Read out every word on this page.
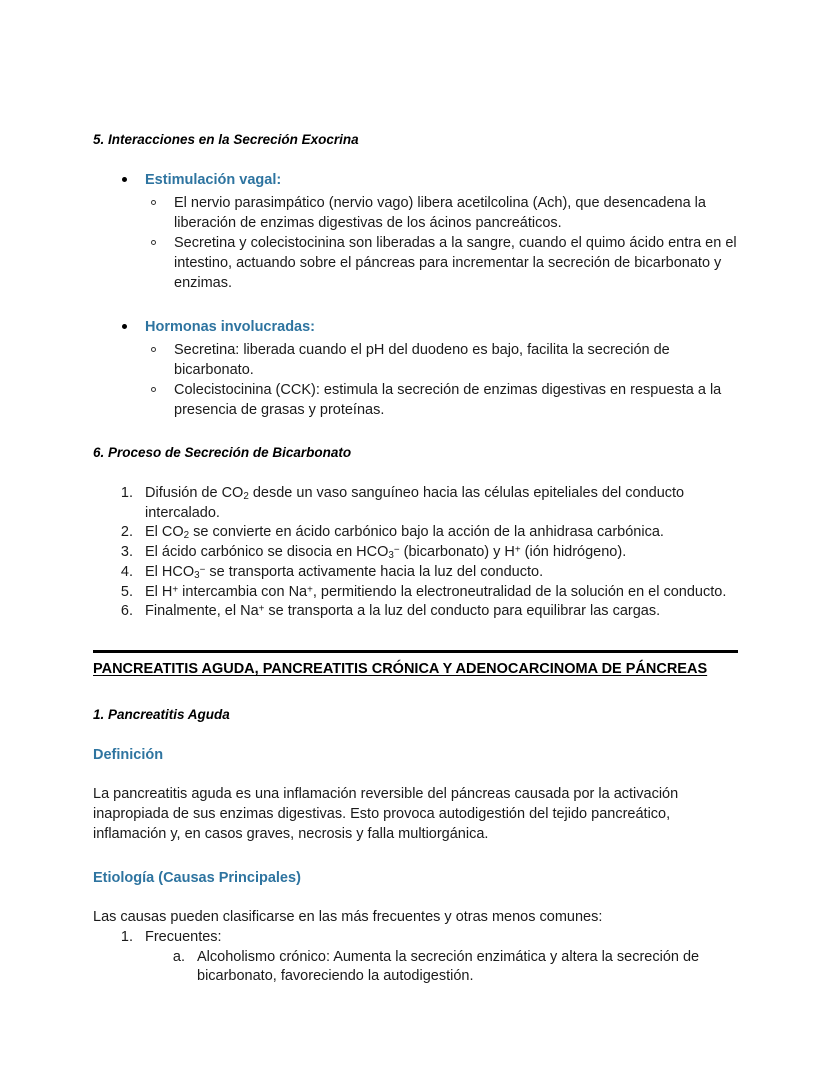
5. Interacciones en la Secreción Exocrina
Estimulación vagal:
El nervio parasimpático (nervio vago) libera acetilcolina (Ach), que desencadena la liberación de enzimas digestivas de los ácinos pancreáticos.
Secretina y colecistocinina son liberadas a la sangre, cuando el quimo ácido entra en el intestino, actuando sobre el páncreas para incrementar la secreción de bicarbonato y enzimas.
Hormonas involucradas:
Secretina: liberada cuando el pH del duodeno es bajo, facilita la secreción de bicarbonato.
Colecistocinina (CCK): estimula la secreción de enzimas digestivas en respuesta a la presencia de grasas y proteínas.
6. Proceso de Secreción de Bicarbonato
1. Difusión de $CO_2$ desde un vaso sanguíneo hacia las células epiteliales del conducto intercalado.
2. El $CO_2$ se convierte en ácido carbónico bajo la acción de la anhidrasa carbónica.
3. El ácido carbónico se disocia en $HCO_3^-$ (bicarbonato) y H+ (ión hidrógeno).
4. El $HCO_3^-$ se transporta activamente hacia la luz del conducto.
5. El H+ intercambia con Na+, permitiendo la electroneutralidad de la solución en el conducto.
6. Finalmente, el Na+ se transporta a la luz del conducto para equilibrar las cargas.
PANCREATITIS AGUDA, PANCREATITIS CRÓNICA Y ADENOCARCINOMA DE PÁNCREAS
1. Pancreatitis Aguda
Definición

La pancreatitis aguda es una inflamación reversible del páncreas causada por la activación inapropiada de sus enzimas digestivas. Esto provoca autodigestión del tejido pancreático, inflamación y, en casos graves, necrosis y falla multiorgánica.

Etiología (Causas Principales)

Las causas pueden clasificarse en las más frecuentes y otras menos comunes:

1. Frecuentes:
a. Alcoholismo crónico: Aumenta la secreción enzimática y altera la secreción de bicarbonato, favoreciendo la autodigestión.
